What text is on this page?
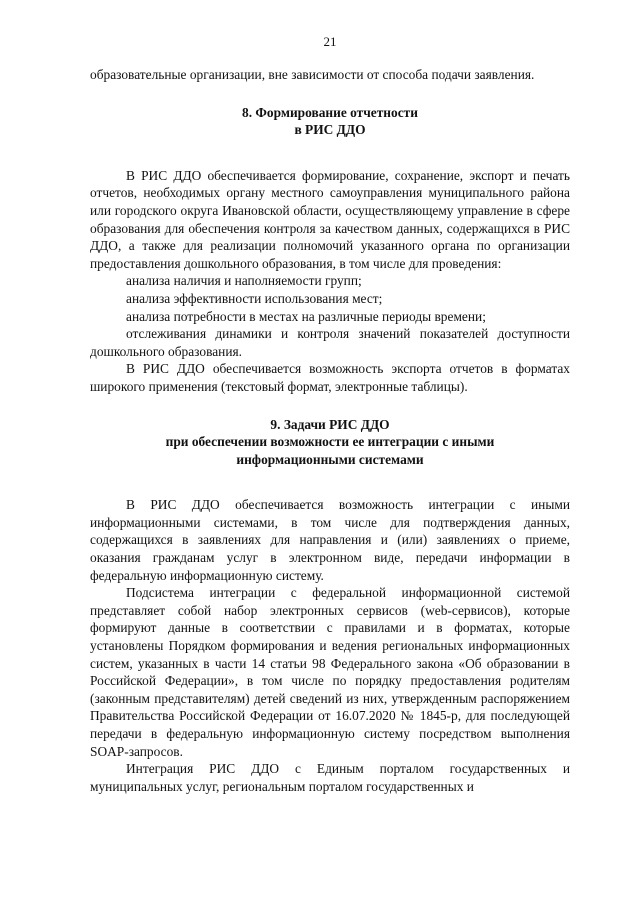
21

образовательные организации, вне зависимости от способа подачи заявления.

8. Формирование отчетности
в РИС ДДО

В РИС ДДО обеспечивается формирование, сохранение, экспорт и печать отчетов, необходимых органу местного самоуправления муниципального района или городского округа Ивановской области, осуществляющему управление в сфере образования для обеспечения контроля за качеством данных, содержащихся в РИС ДДО, а также для реализации полномочий указанного органа по организации предоставления дошкольного образования, в том числе для проведения:

анализа наличия и наполняемости групп;

анализа эффективности использования мест;

анализа потребности в местах на различные периоды времени;

отслеживания динамики и контроля значений показателей доступности дошкольного образования.

В РИС ДДО обеспечивается возможность экспорта отчетов в форматах широкого применения (текстовый формат, электронные таблицы).

9. Задачи РИС ДДО
при обеспечении возможности ее интеграции с иными
информационными системами

В РИС ДДО обеспечивается возможность интеграции с иными информационными системами, в том числе для подтверждения данных, содержащихся в заявлениях для направления и (или) заявлениях о приеме, оказания гражданам услуг в электронном виде, передачи информации в федеральную информационную систему.

Подсистема интеграции с федеральной информационной системой представляет собой набор электронных сервисов (web-сервисов), которые формируют данные в соответствии с правилами и в форматах, которые установлены Порядком формирования и ведения региональных информационных систем, указанных в части 14 статьи 98 Федерального закона «Об образовании в Российской Федерации», в том числе по порядку предоставления родителям (законным представителям) детей сведений из них, утвержденным распоряжением Правительства Российской Федерации от 16.07.2020 № 1845-р, для последующей передачи в федеральную информационную систему посредством выполнения SOAP-запросов.

Интеграция РИС ДДО с Единым порталом государственных и муниципальных услуг, региональным порталом государственных и
